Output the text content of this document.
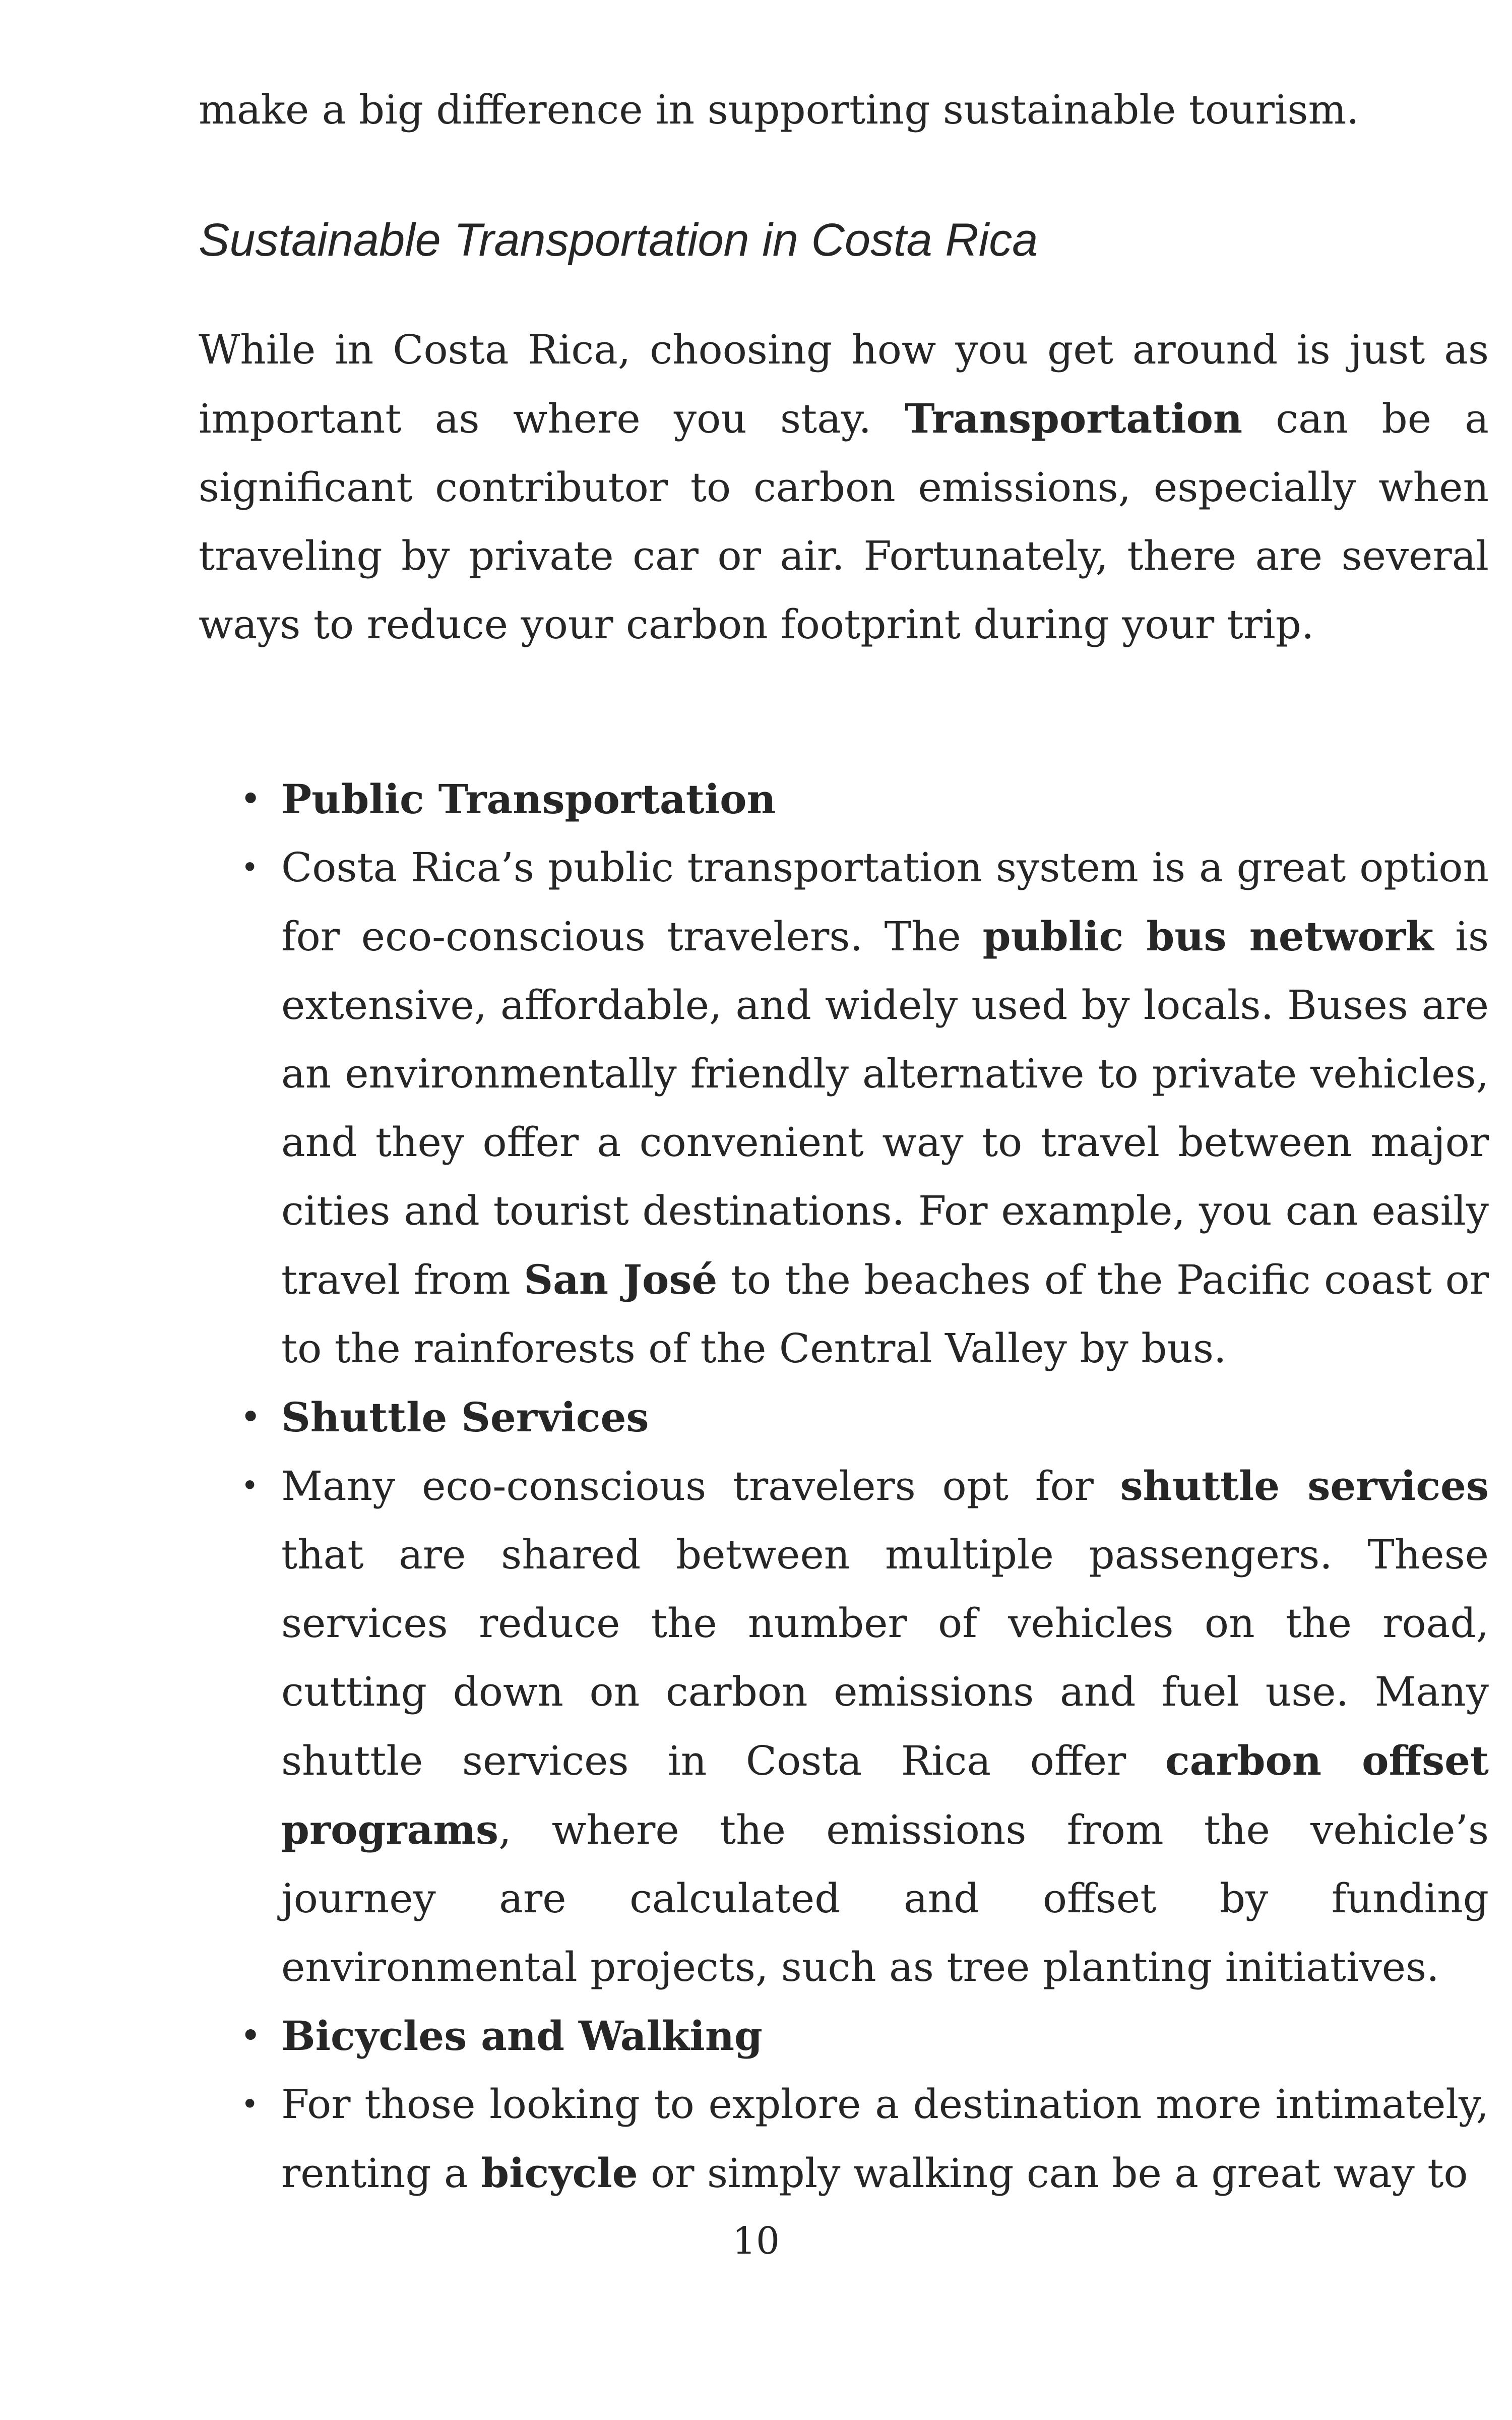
make a big difference in supporting sustainable tourism.

Sustainable Transportation in Costa Rica

While in Costa Rica, choosing how you get around is just as important as where you stay. Transportation can be a significant contributor to carbon emissions, especially when traveling by private car or air. Fortunately, there are several ways to reduce your carbon footprint during your trip.

• Public Transportation
• Costa Rica’s public transportation system is a great option for eco-conscious travelers. The public bus network is extensive, affordable, and widely used by locals. Buses are an environmentally friendly alternative to private vehicles, and they offer a convenient way to travel between major cities and tourist destinations. For example, you can easily travel from San José to the beaches of the Pacific coast or to the rainforests of the Central Valley by bus.
• Shuttle Services
• Many eco-conscious travelers opt for shuttle services that are shared between multiple passengers. These services reduce the number of vehicles on the road, cutting down on carbon emissions and fuel use. Many shuttle services in Costa Rica offer carbon offset programs, where the emissions from the vehicle’s journey are calculated and offset by funding environmental projects, such as tree planting initiatives.
• Bicycles and Walking
• For those looking to explore a destination more intimately, renting a bicycle or simply walking can be a great way to
10
